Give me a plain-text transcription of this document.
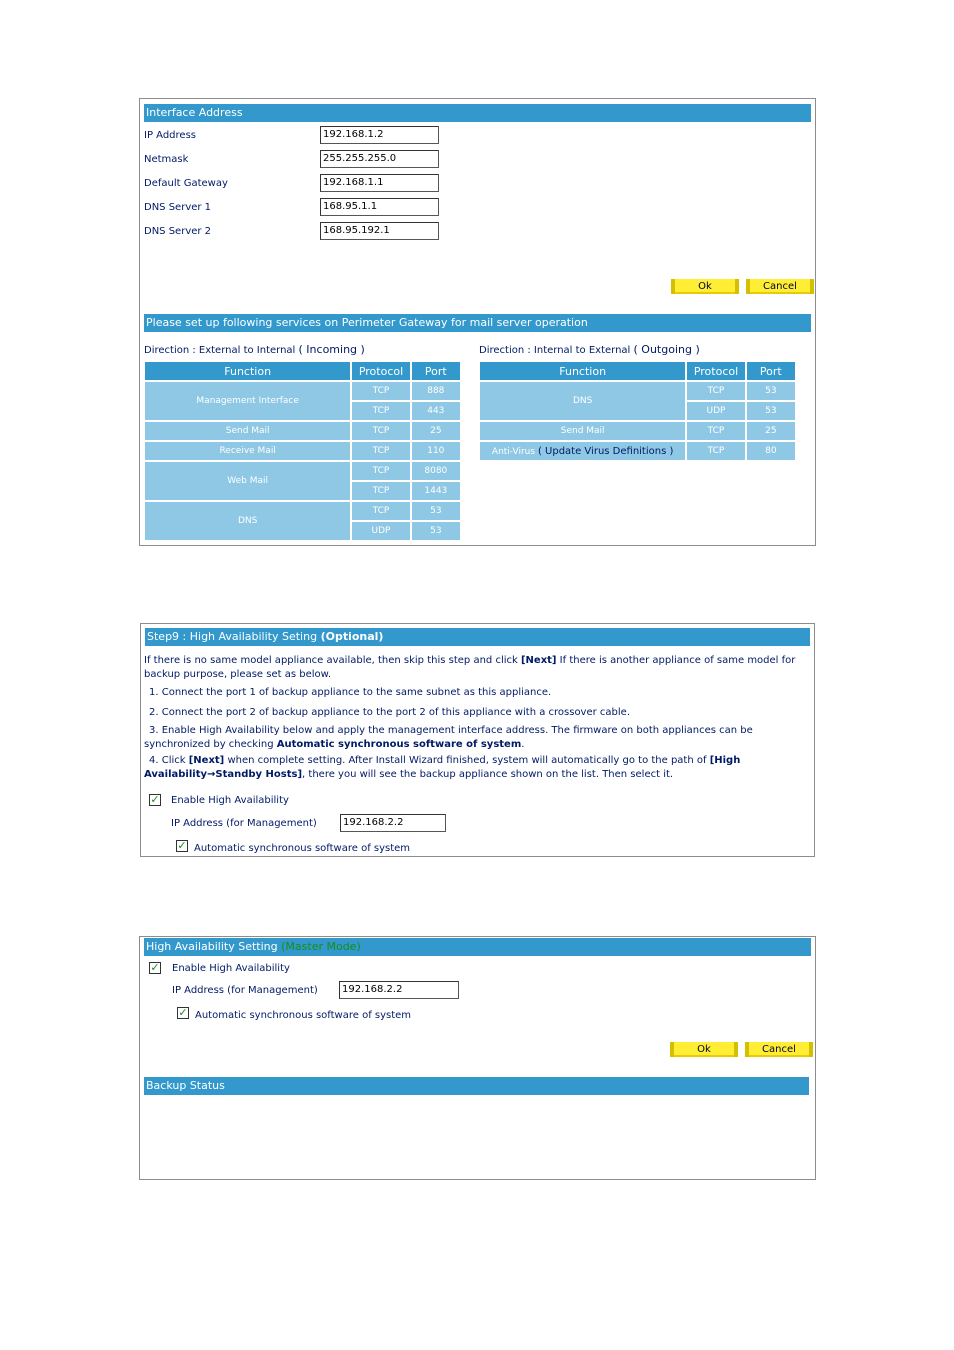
Interface Address
IP Address	192.168.1.2
Netmask	255.255.255.0
Default Gateway	192.168.1.1
DNS Server 1	168.95.1.1
DNS Server 2	168.95.192.1
Ok	Cancel
Please set up following services on Perimeter Gateway for mail server operation
Direction : External to Internal ( Incoming )	Direction : Internal to External ( Outgoing )
Function	Protocol	Port
Management Interface	TCP	888
	TCP	443
Send Mail	TCP	25
Receive Mail	TCP	110
Web Mail	TCP	8080
	TCP	1443
DNS	TCP	53
	UDP	53
Function	Protocol	Port
DNS	TCP	53
	UDP	53
Send Mail	TCP	25
Anti-Virus ( Update Virus Definitions )	TCP	80
Step9 : High Availability Seting (Optional)
If there is no same model appliance available, then skip this step and click [Next] If there is another appliance of same model for backup purpose, please set as below.
1. Connect the port 1 of backup appliance to the same subnet as this appliance.
2. Connect the port 2 of backup appliance to the port 2 of this appliance with a crossover cable.
3. Enable High Availability below and apply the management interface address. The firmware on both appliances can be synchronized by checking Automatic synchronous software of system.
4. Click [Next] when complete setting. After Install Wizard finished, system will automatically go to the path of [High Availability→Standby Hosts], there you will see the backup appliance shown on the list. Then select it.
✓ Enable High Availability
IP Address (for Management)	192.168.2.2
✓ Automatic synchronous software of system
High Availability Setting (Master Mode)
✓ Enable High Availability
IP Address (for Management)	192.168.2.2
✓ Automatic synchronous software of system
Ok	Cancel
Backup Status
